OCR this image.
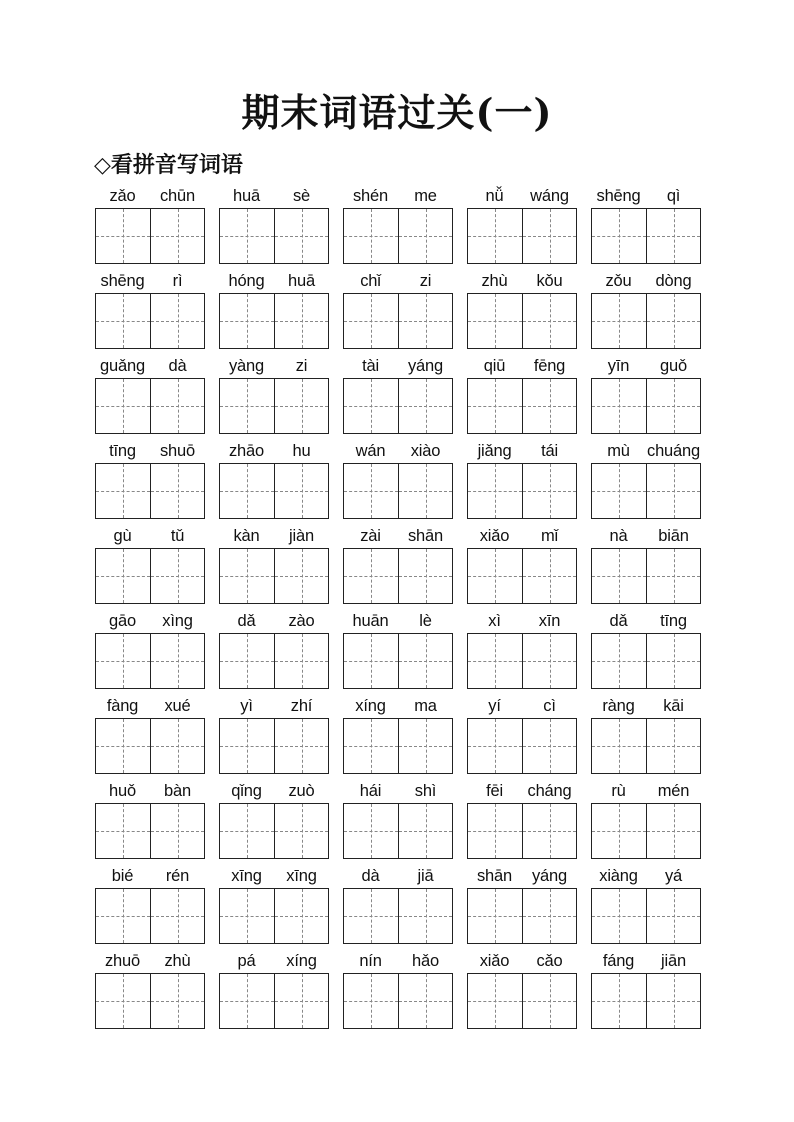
期末词语过关(一)
◇看拼音写词语
zǎo	chūn	huā	sè	shén	me	nǚ	wáng	shēng	qì
shēng	rì	hóng	huā	chǐ	zi	zhù	kǒu	zǒu	dòng
guǎng	dà	yàng	zi	tài	yáng	qiū	fēng	yīn	guǒ
tīng	shuō	zhāo	hu	wán	xiào	jiǎng	tái	mù	chuáng
gù	tǔ	kàn	jiàn	zài	shān	xiǎo	mǐ	nà	biān
gāo	xìng	dǎ	zào	huān	lè	xì	xīn	dǎ	tīng
fàng	xué	yì	zhí	xíng	ma	yí	cì	ràng	kāi
huǒ	bàn	qǐng	zuò	hái	shì	fēi	cháng	rù	mén
bié	rén	xīng	xīng	dà	jiā	shān	yáng	xiàng	yá
zhuō	zhù	pá	xíng	nín	hǎo	xiǎo	cǎo	fáng	jiān
